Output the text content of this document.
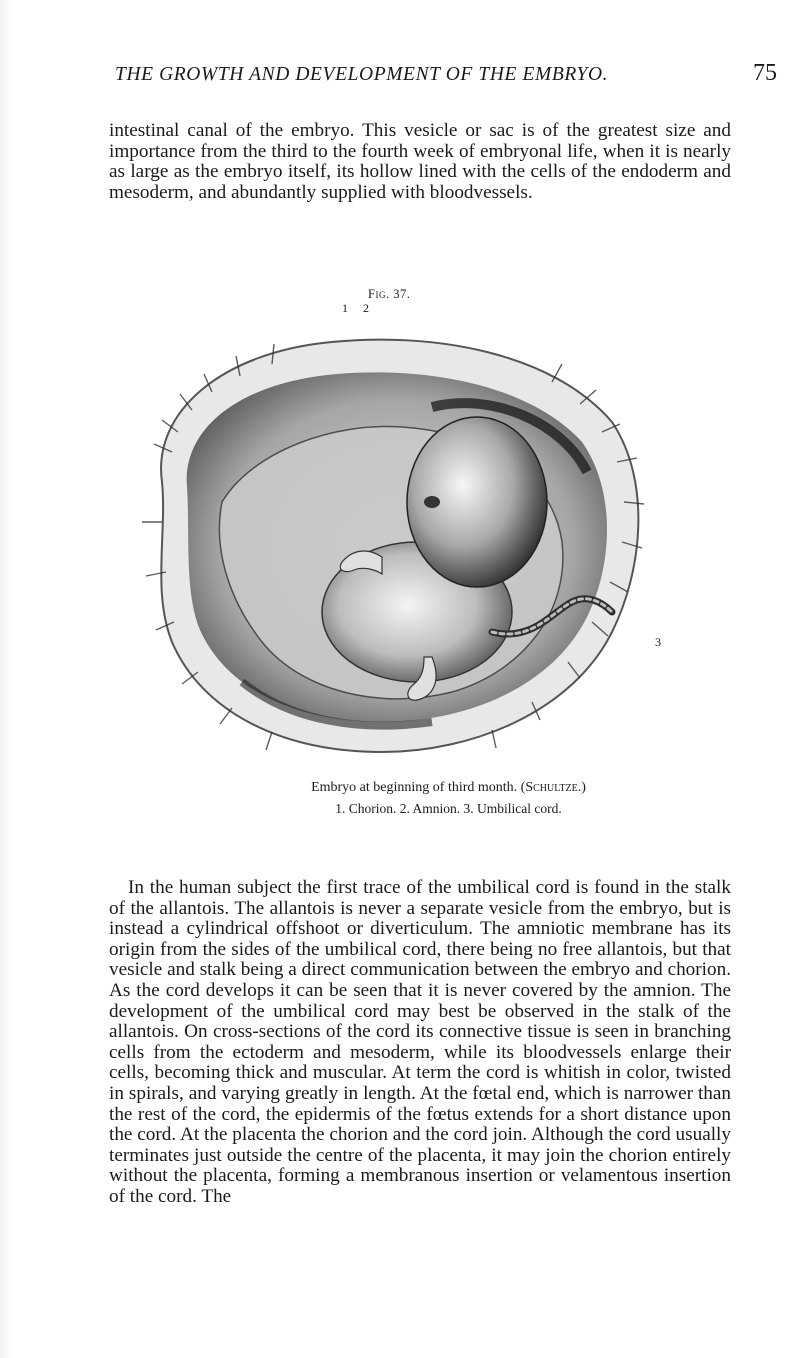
THE GROWTH AND DEVELOPMENT OF THE EMBRYO.	75

intestinal canal of the embryo. This vesicle or sac is of the greatest size and importance from the third to the fourth week of embryonal life, when it is nearly as large as the embryo itself, its hollow lined with the cells of the endoderm and mesoderm, and abundantly supplied with bloodvessels.

Fig. 37.
1 2
3
Embryo at beginning of third month. (Schultze.)
1. Chorion. 2. Amnion. 3. Umbilical cord.

In the human subject the first trace of the umbilical cord is found in the stalk of the allantois. The allantois is never a separate vesicle from the embryo, but is instead a cylindrical offshoot or diverticulum. The amniotic membrane has its origin from the sides of the umbilical cord, there being no free allantois, but that vesicle and stalk being a direct communication between the embryo and chorion. As the cord develops it can be seen that it is never covered by the amnion. The development of the umbilical cord may best be observed in the stalk of the allantois. On cross-sections of the cord its connective tissue is seen in branching cells from the ectoderm and mesoderm, while its bloodvessels enlarge their cells, becoming thick and muscular. At term the cord is whitish in color, twisted in spirals, and varying greatly in length. At the fœtal end, which is narrower than the rest of the cord, the epidermis of the fœtus extends for a short distance upon the cord. At the placenta the chorion and the cord join. Although the cord usually terminates just outside the centre of the placenta, it may join the chorion entirely without the placenta, forming a membranous insertion or velamentous insertion of the cord. The
